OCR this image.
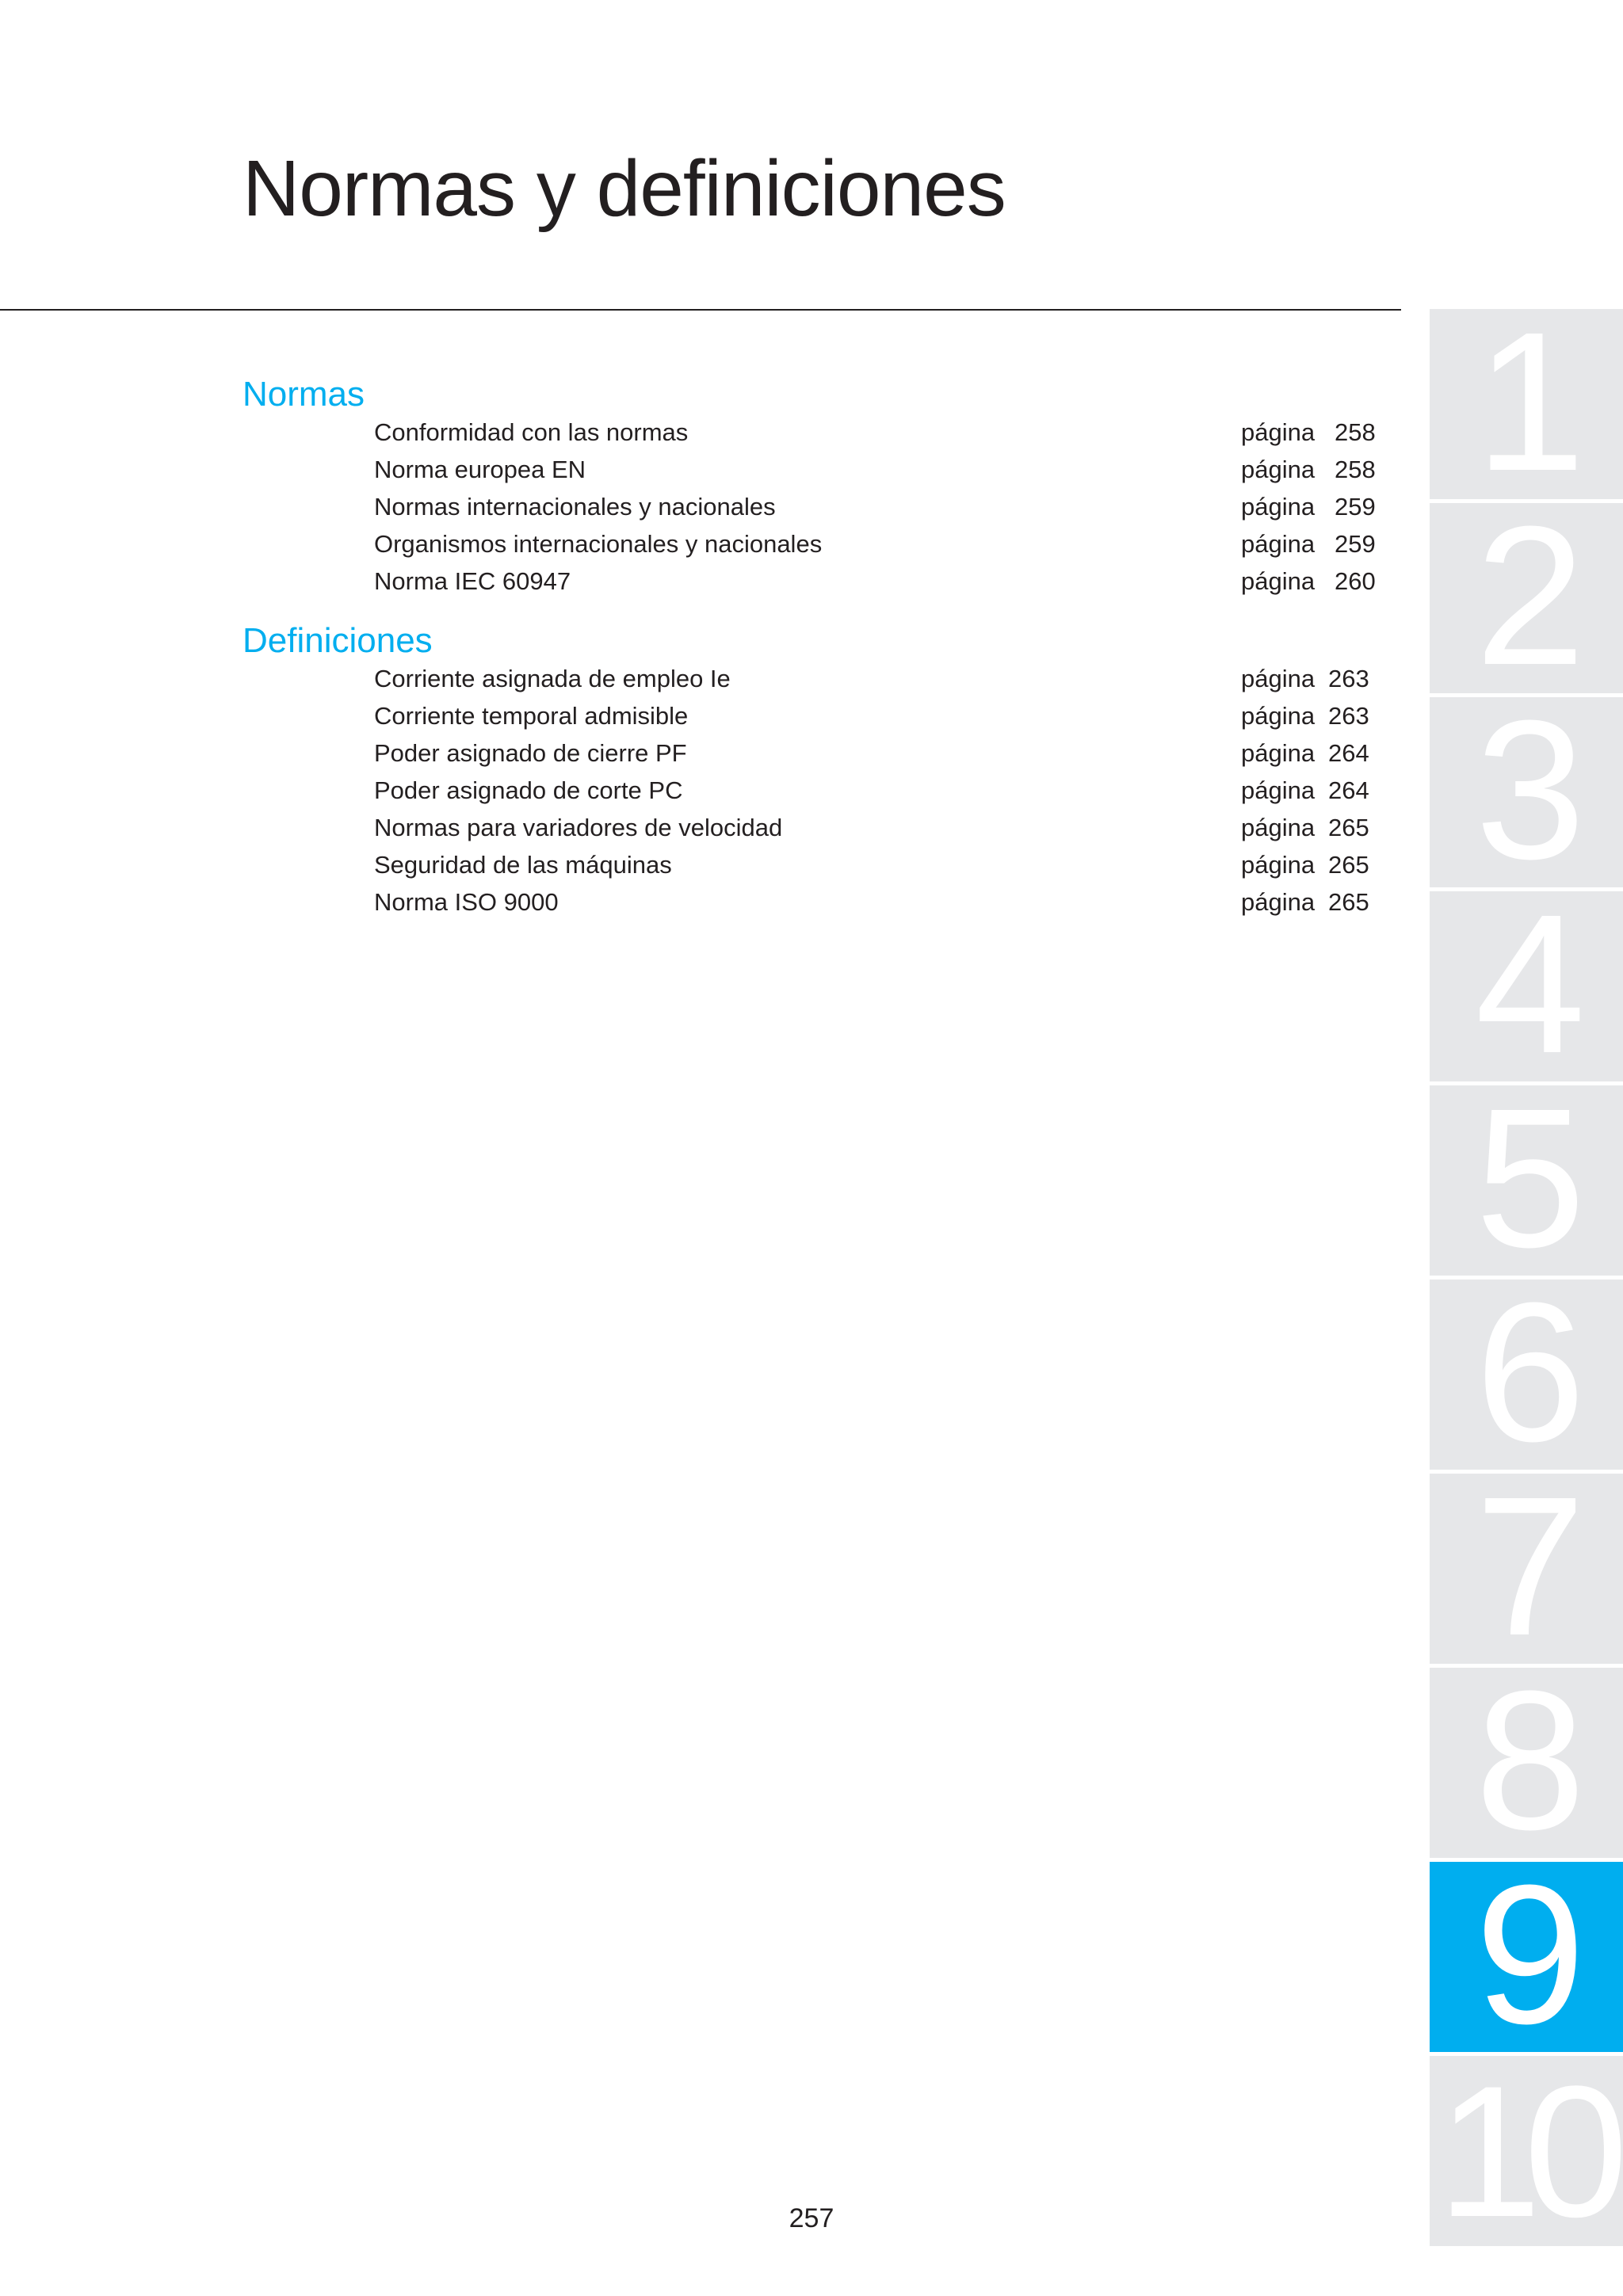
Normas y definiciones
Normas
Conformidad con las normas	página 258
Norma europea EN	página 258
Normas internacionales y nacionales	página 259
Organismos internacionales y nacionales	página 259
Norma IEC 60947	página 260
Definiciones
Corriente asignada de empleo Ie	página 263
Corriente temporal admisible	página 263
Poder asignado de cierre PF	página 264
Poder asignado de corte PC	página 264
Normas para variadores de velocidad	página 265
Seguridad de las máquinas	página 265
Norma ISO 9000	página 265
1
2
3
4
5
6
7
8
9
10
257
